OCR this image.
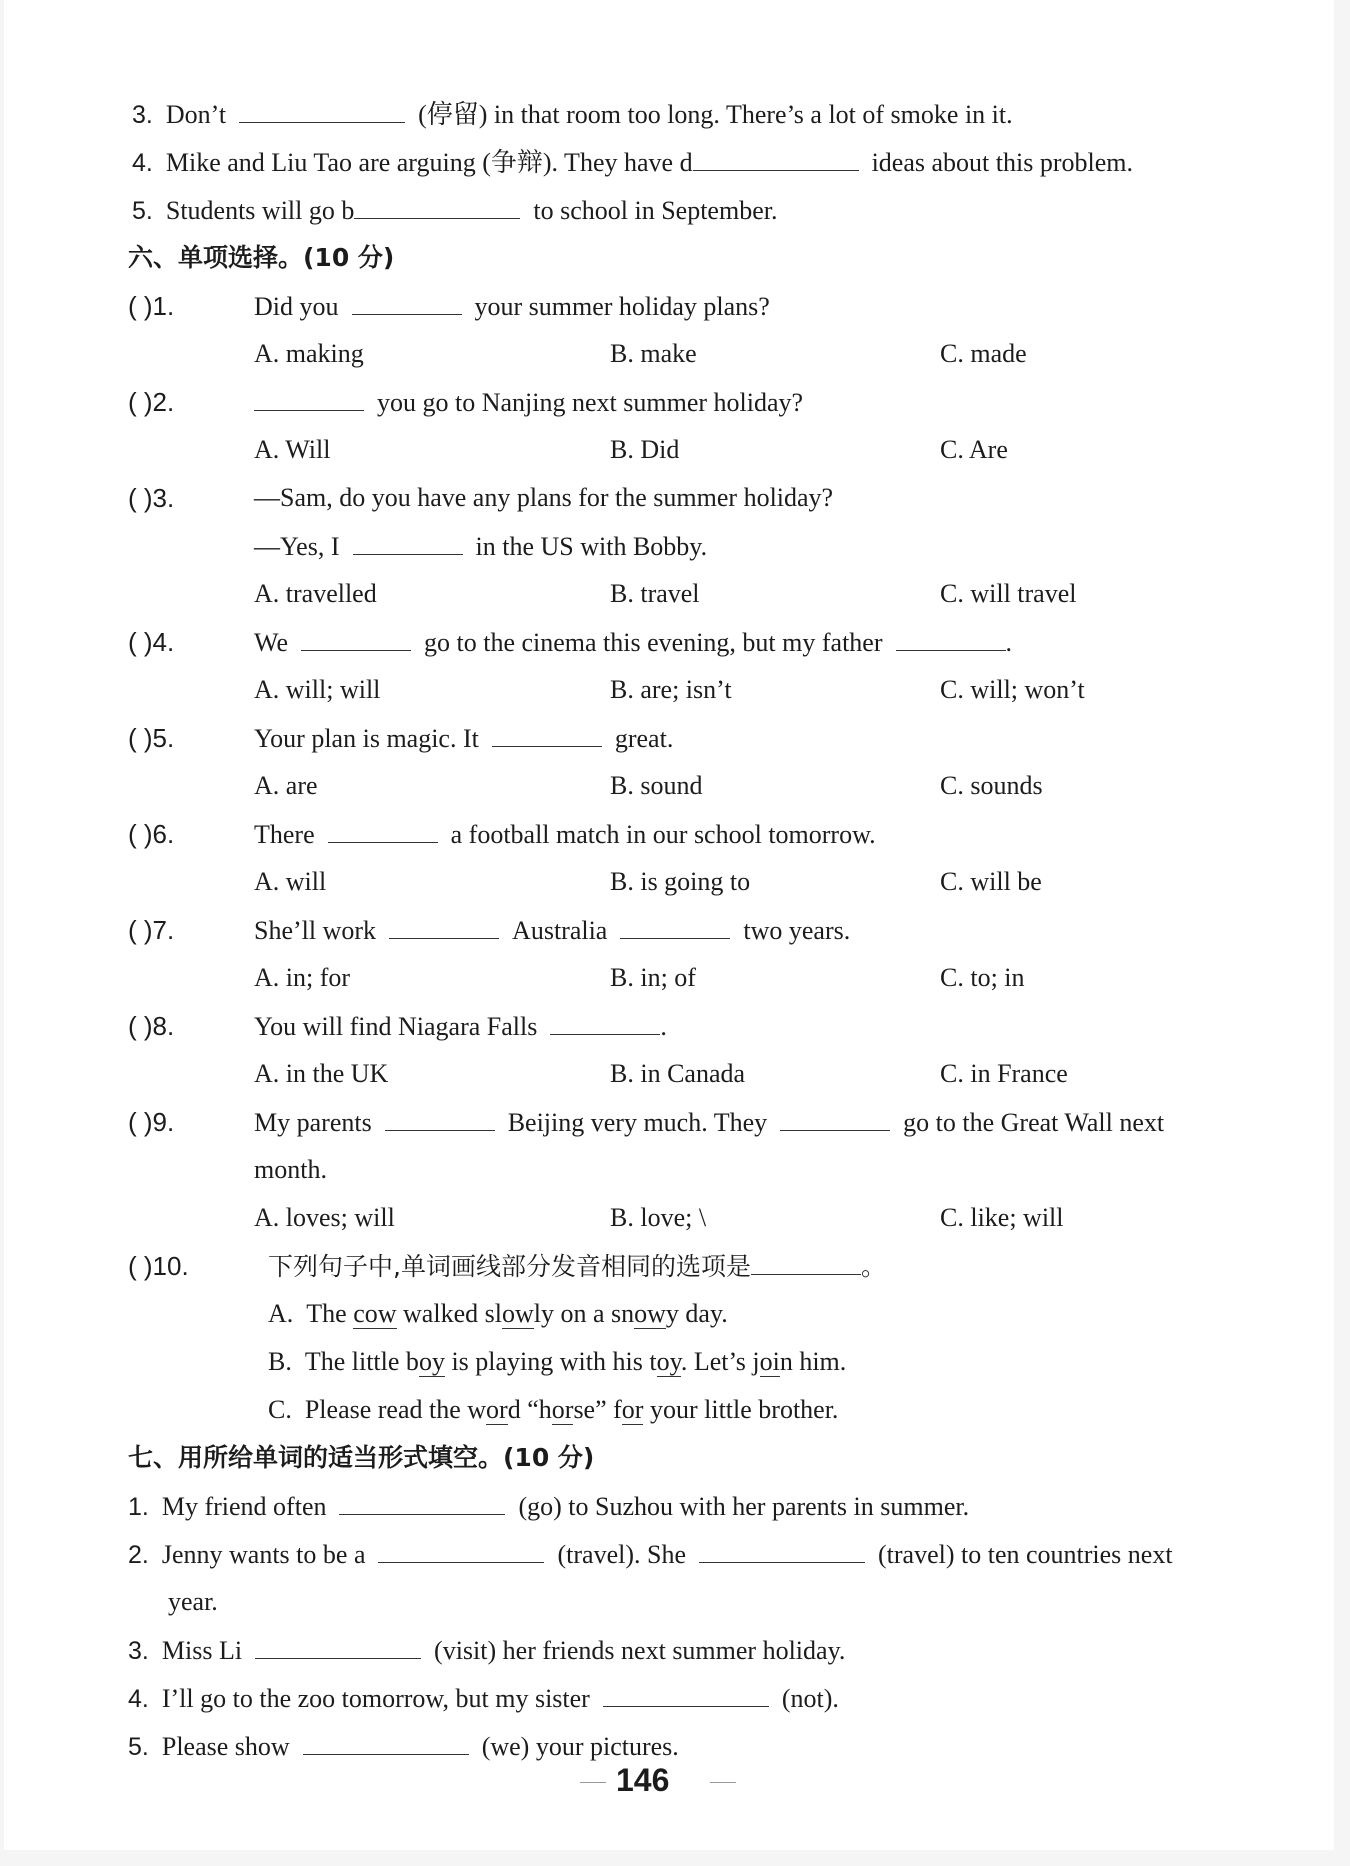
3. Don’t	(停留) in that room too long. There’s a lot of smoke in it.
4. Mike and Liu Tao are arguing (争辩). They have d	ideas about this problem.
5. Students will go b	to school in September.
六、单项选择。(10 分)
( )1.	Did you	your summer holiday plans?
A. making	B. make	C. made
( )2.	you go to Nanjing next summer holiday?
A. Will	B. Did	C. Are
( )3.	—Sam, do you have any plans for the summer holiday?
—Yes, I	in the US with Bobby.
A. travelled	B. travel	C. will travel
( )4.	We	go to the cinema this evening, but my father	.
A. will; will	B. are; isn’t	C. will; won’t
( )5.	Your plan is magic. It	great.
A. are	B. sound	C. sounds
( )6.	There	a football match in our school tomorrow.
A. will	B. is going to	C. will be
( )7.	She’ll work	Australia	two years.
A. in; for	B. in; of	C. to; in
( )8.	You will find Niagara Falls	.
A. in the UK	B. in Canada	C. in France
( )9.	My parents	Beijing very much. They	go to the Great Wall next
month.
A. loves; will	B. love; \	C. like; will
( )10.	下列句子中,单词画线部分发音相同的选项是	。
A. The cow walked slowly on a snowy day.
B. The little boy is playing with his toy. Let’s join him.
C. Please read the word “horse” for your little brother.
七、用所给单词的适当形式填空。(10 分)
1. My friend often	(go) to Suzhou with her parents in summer.
2. Jenny wants to be a	(travel). She	(travel) to ten countries next
year.
3. Miss Li	(visit) her friends next summer holiday.
4. I’ll go to the zoo tomorrow, but my sister	(not).
5. Please show	(we) your pictures.
146
